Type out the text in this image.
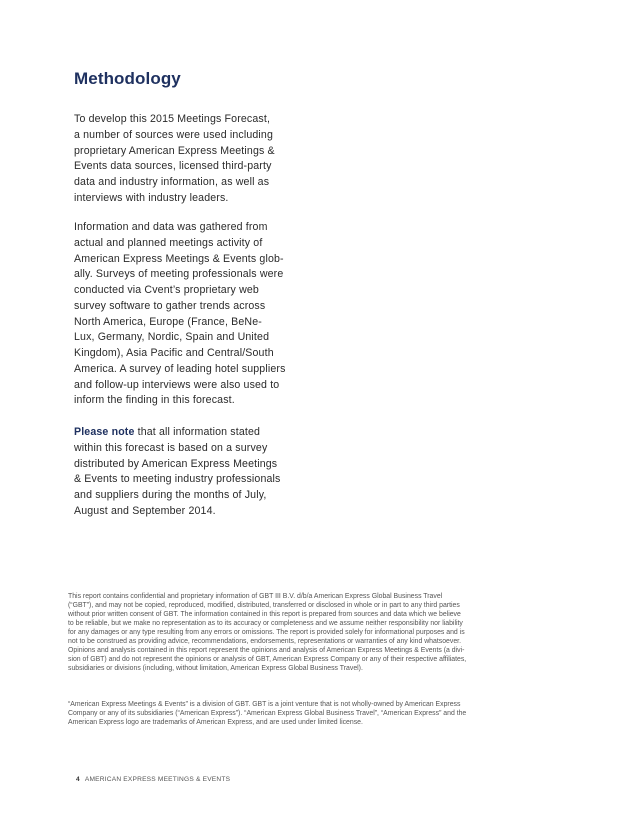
Methodology

To develop this 2015 Meetings Forecast,
a number of sources were used including
proprietary American Express Meetings &
Events data sources, licensed third-party
data and industry information, as well as
interviews with industry leaders.

Information and data was gathered from
actual and planned meetings activity of
American Express Meetings & Events glob-
ally. Surveys of meeting professionals were
conducted via Cvent’s proprietary web
survey software to gather trends across
North America, Europe (France, BeNe-
Lux, Germany, Nordic, Spain and United
Kingdom), Asia Pacific and Central/South
America. A survey of leading hotel suppliers
and follow-up interviews were also used to
inform the finding in this forecast.

Please note that all information stated
within this forecast is based on a survey
distributed by American Express Meetings
& Events to meeting industry professionals
and suppliers during the months of July,
August and September 2014.

This report contains confidential and proprietary information of GBT III B.V. d/b/a American Express Global Business Travel
(“GBT”), and may not be copied, reproduced, modified, distributed, transferred or disclosed in whole or in part to any third parties
without prior written consent of GBT. The information contained in this report is prepared from sources and data which we believe
to be reliable, but we make no representation as to its accuracy or completeness and we assume neither responsibility nor liability
for any damages or any type resulting from any errors or omissions. The report is provided solely for informational purposes and is
not to be construed as providing advice, recommendations, endorsements, representations or warranties of any kind whatsoever.
Opinions and analysis contained in this report represent the opinions and analysis of American Express Meetings & Events (a divi-
sion of GBT) and do not represent the opinions or analysis of GBT, American Express Company or any of their respective affiliates,
subsidiaries or divisions (including, without limitation, American Express Global Business Travel).

“American Express Meetings & Events” is a division of GBT. GBT is a joint venture that is not wholly-owned by American Express
Company or any of its subsidiaries (“American Express”). “American Express Global Business Travel”, “American Express” and the
American Express logo are trademarks of American Express, and are used under limited license.

4 AMERICAN EXPRESS MEETINGS & EVENTS
